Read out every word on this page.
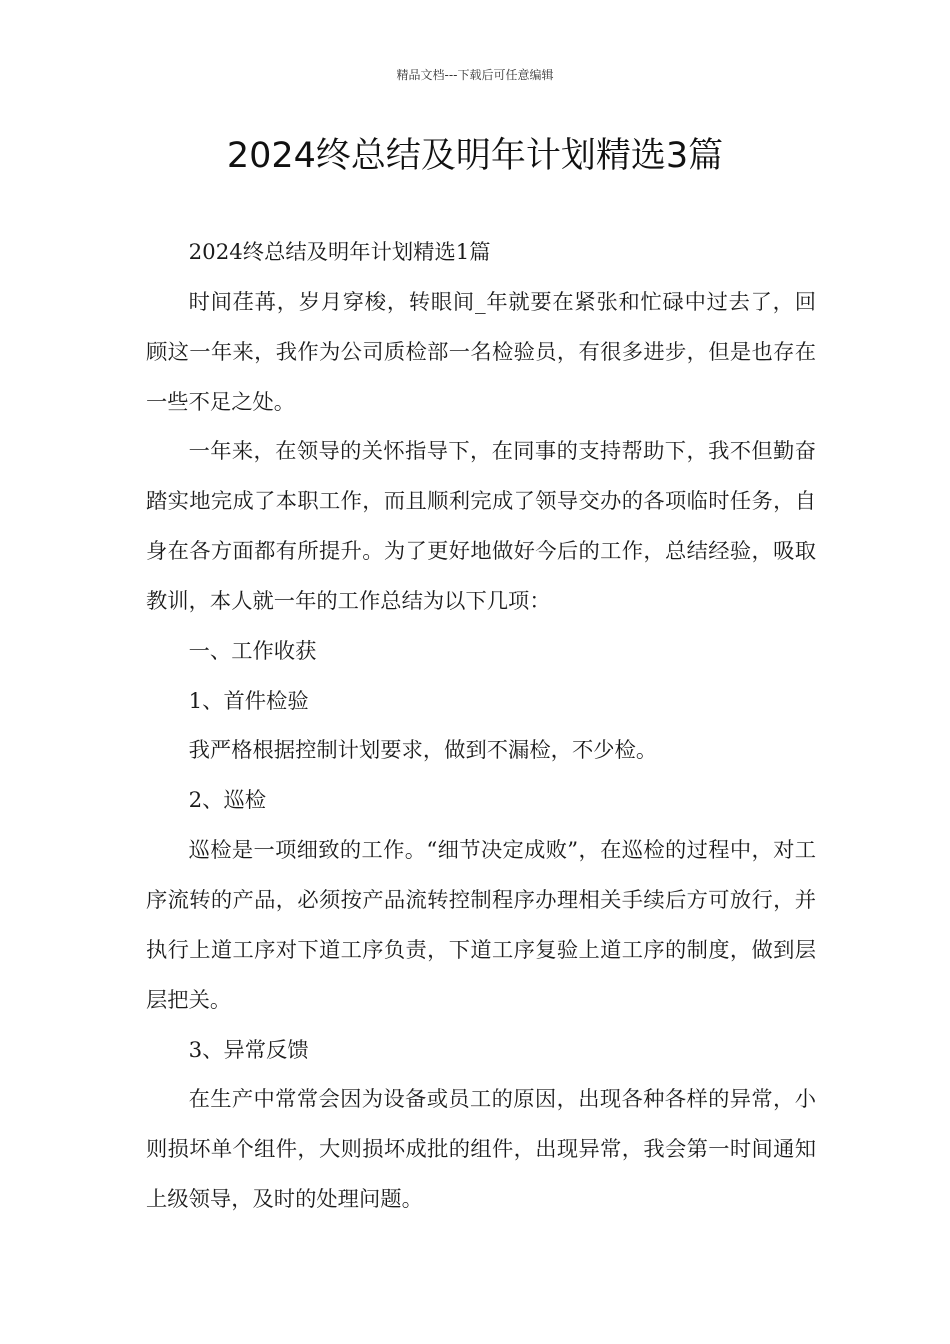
精品文档---下载后可任意编辑
2024终总结及明年计划精选3篇

2024终总结及明年计划精选1篇

时间荏苒，岁月穿梭，转眼间_年就要在紧张和忙碌中过去了，回顾这一年来，我作为公司质检部一名检验员，有很多进步，但是也存在一些不足之处。

一年来，在领导的关怀指导下，在同事的支持帮助下，我不但勤奋踏实地完成了本职工作，而且顺利完成了领导交办的各项临时任务，自身在各方面都有所提升。为了更好地做好今后的工作，总结经验，吸取教训，本人就一年的工作总结为以下几项：

一、工作收获

1、首件检验

我严格根据控制计划要求，做到不漏检，不少检。

2、巡检

巡检是一项细致的工作。“细节决定成败”，在巡检的过程中，对工序流转的产品，必须按产品流转控制程序办理相关手续后方可放行，并执行上道工序对下道工序负责，下道工序复验上道工序的制度，做到层层把关。

3、异常反馈

在生产中常常会因为设备或员工的原因，出现各种各样的异常，小则损坏单个组件，大则损坏成批的组件，出现异常，我会第一时间通知上级领导，及时的处理问题。
